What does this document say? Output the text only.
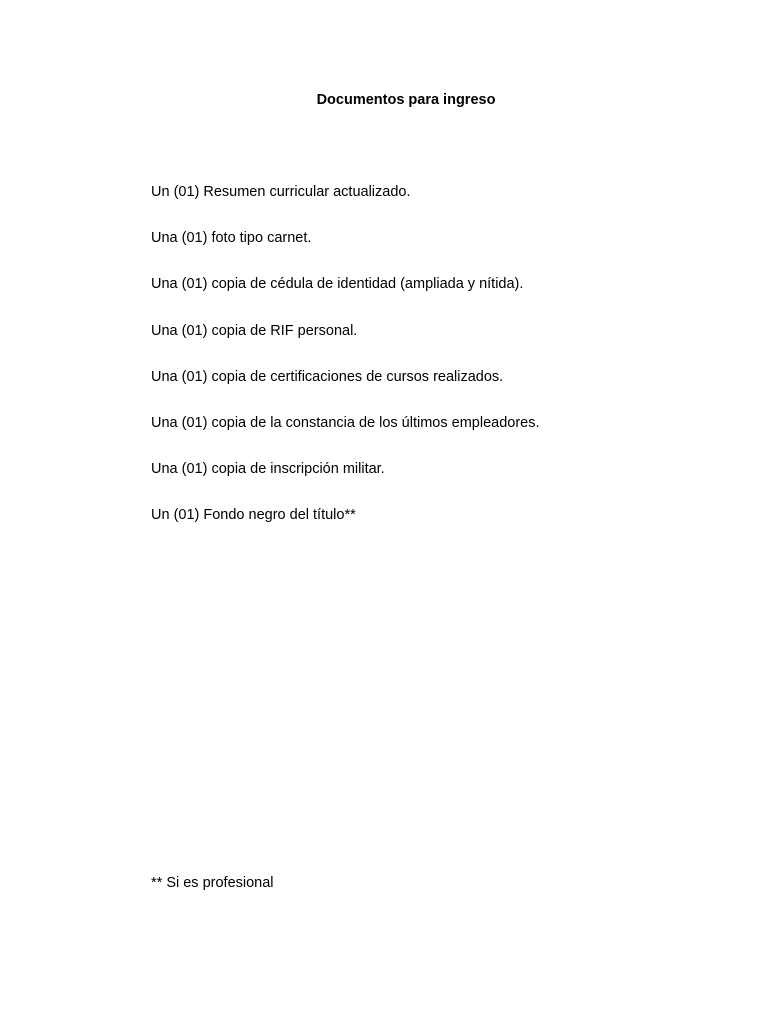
Documentos para ingreso
Un (01) Resumen curricular actualizado.
Una (01) foto tipo carnet.
Una (01) copia de cédula de identidad (ampliada y nítida).
Una (01) copia de RIF personal.
Una (01) copia de certificaciones de cursos realizados.
Una (01) copia de la constancia de los últimos empleadores.
Una (01) copia de inscripción militar.
Un (01) Fondo negro del título**
** Si es profesional
